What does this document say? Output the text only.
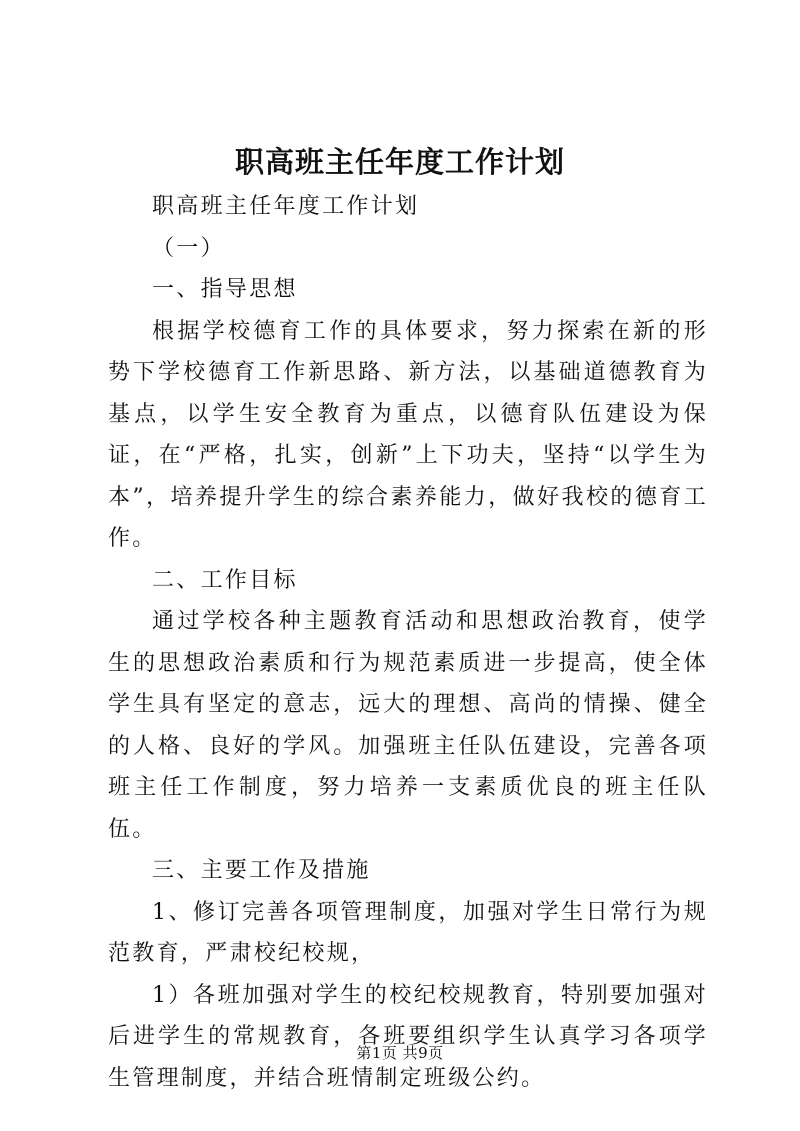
职高班主任年度工作计划

职高班主任年度工作计划

（一）

一、指导思想

根据学校德育工作的具体要求，努力探索在新的形势下学校德育工作新思路、新方法，以基础道德教育为基点，以学生安全教育为重点，以德育队伍建设为保证，在“严格，扎实，创新”上下功夫，坚持“以学生为本”，培养提升学生的综合素养能力，做好我校的德育工作。

二、工作目标

通过学校各种主题教育活动和思想政治教育，使学生的思想政治素质和行为规范素质进一步提高，使全体学生具有坚定的意志，远大的理想、高尚的情操、健全的人格、良好的学风。加强班主任队伍建设，完善各项班主任工作制度，努力培养一支素质优良的班主任队伍。

三、主要工作及措施

1、修订完善各项管理制度，加强对学生日常行为规范教育，严肃校纪校规，

1）各班加强对学生的校纪校规教育，特别要加强对后进学生的常规教育，各班要组织学生认真学习各项学生管理制度，并结合班情制定班级公约。

第1页 共9页
